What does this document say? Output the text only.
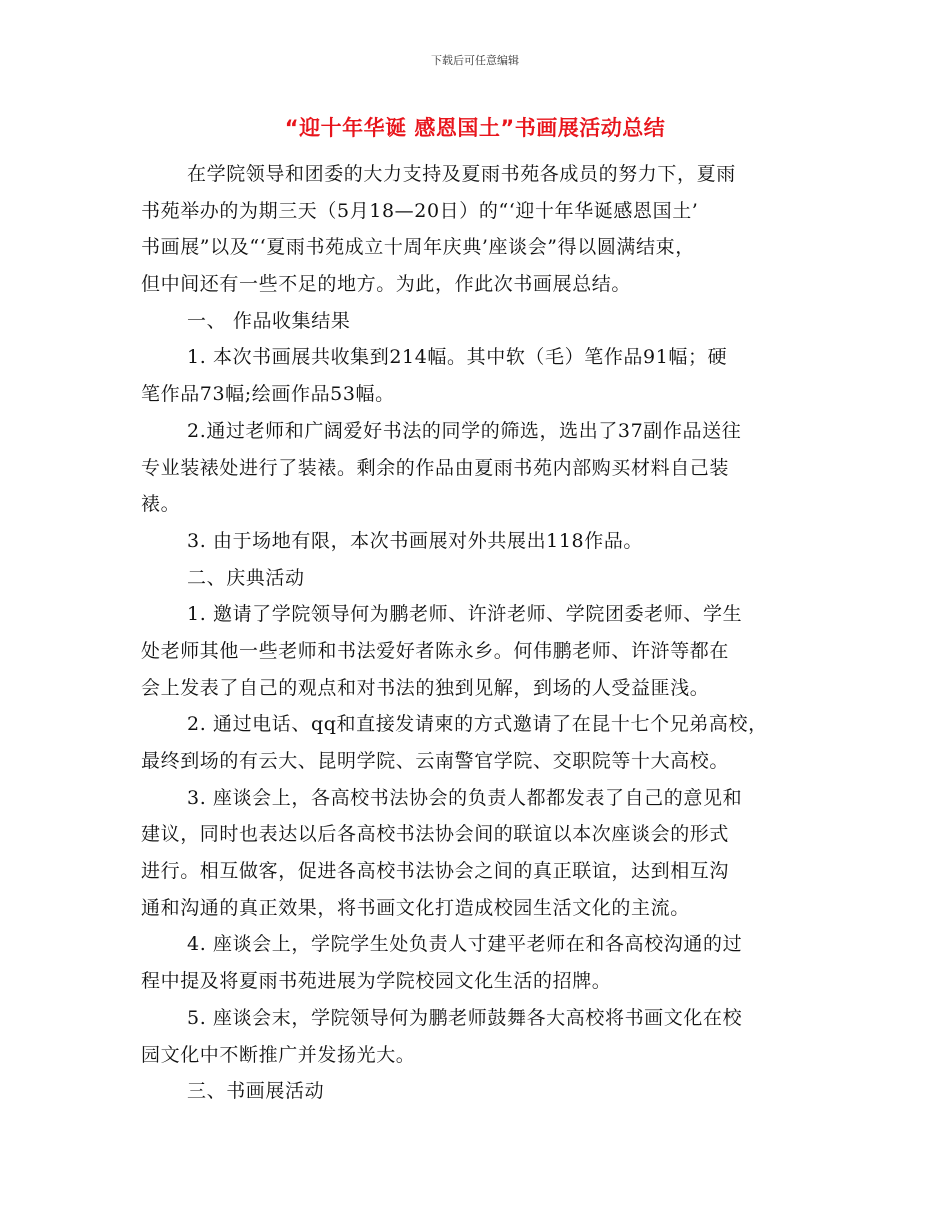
下载后可任意编辑
“迎十年华诞 感恩国土”书画展活动总结
在学院领导和团委的大力支持及夏雨书苑各成员的努力下，夏雨
书苑举办的为期三天（5月18—20日）的“‘迎十年华诞感恩国土’
书画展”以及“‘夏雨书苑成立十周年庆典’座谈会”得以圆满结束，
但中间还有一些不足的地方。为此，作此次书画展总结。
一、 作品收集结果
1. 本次书画展共收集到214幅。其中软（毛）笔作品91幅；硬
笔作品73幅;绘画作品53幅。
2.通过老师和广阔爱好书法的同学的筛选，选出了37副作品送往
专业装裱处进行了装裱。剩余的作品由夏雨书苑内部购买材料自己装
裱。
3. 由于场地有限，本次书画展对外共展出118作品。
二、庆典活动
1. 邀请了学院领导何为鹏老师、许浒老师、学院团委老师、学生
处老师其他一些老师和书法爱好者陈永乡。何伟鹏老师、许浒等都在
会上发表了自己的观点和对书法的独到见解，到场的人受益匪浅。
2. 通过电话、qq和直接发请柬的方式邀请了在昆十七个兄弟高校，
最终到场的有云大、昆明学院、云南警官学院、交职院等十大高校。
3. 座谈会上，各高校书法协会的负责人都都发表了自己的意见和
建议，同时也表达以后各高校书法协会间的联谊以本次座谈会的形式
进行。相互做客，促进各高校书法协会之间的真正联谊，达到相互沟
通和沟通的真正效果，将书画文化打造成校园生活文化的主流。
4. 座谈会上，学院学生处负责人寸建平老师在和各高校沟通的过
程中提及将夏雨书苑进展为学院校园文化生活的招牌。
5. 座谈会末，学院领导何为鹏老师鼓舞各大高校将书画文化在校
园文化中不断推广并发扬光大。
三、书画展活动
